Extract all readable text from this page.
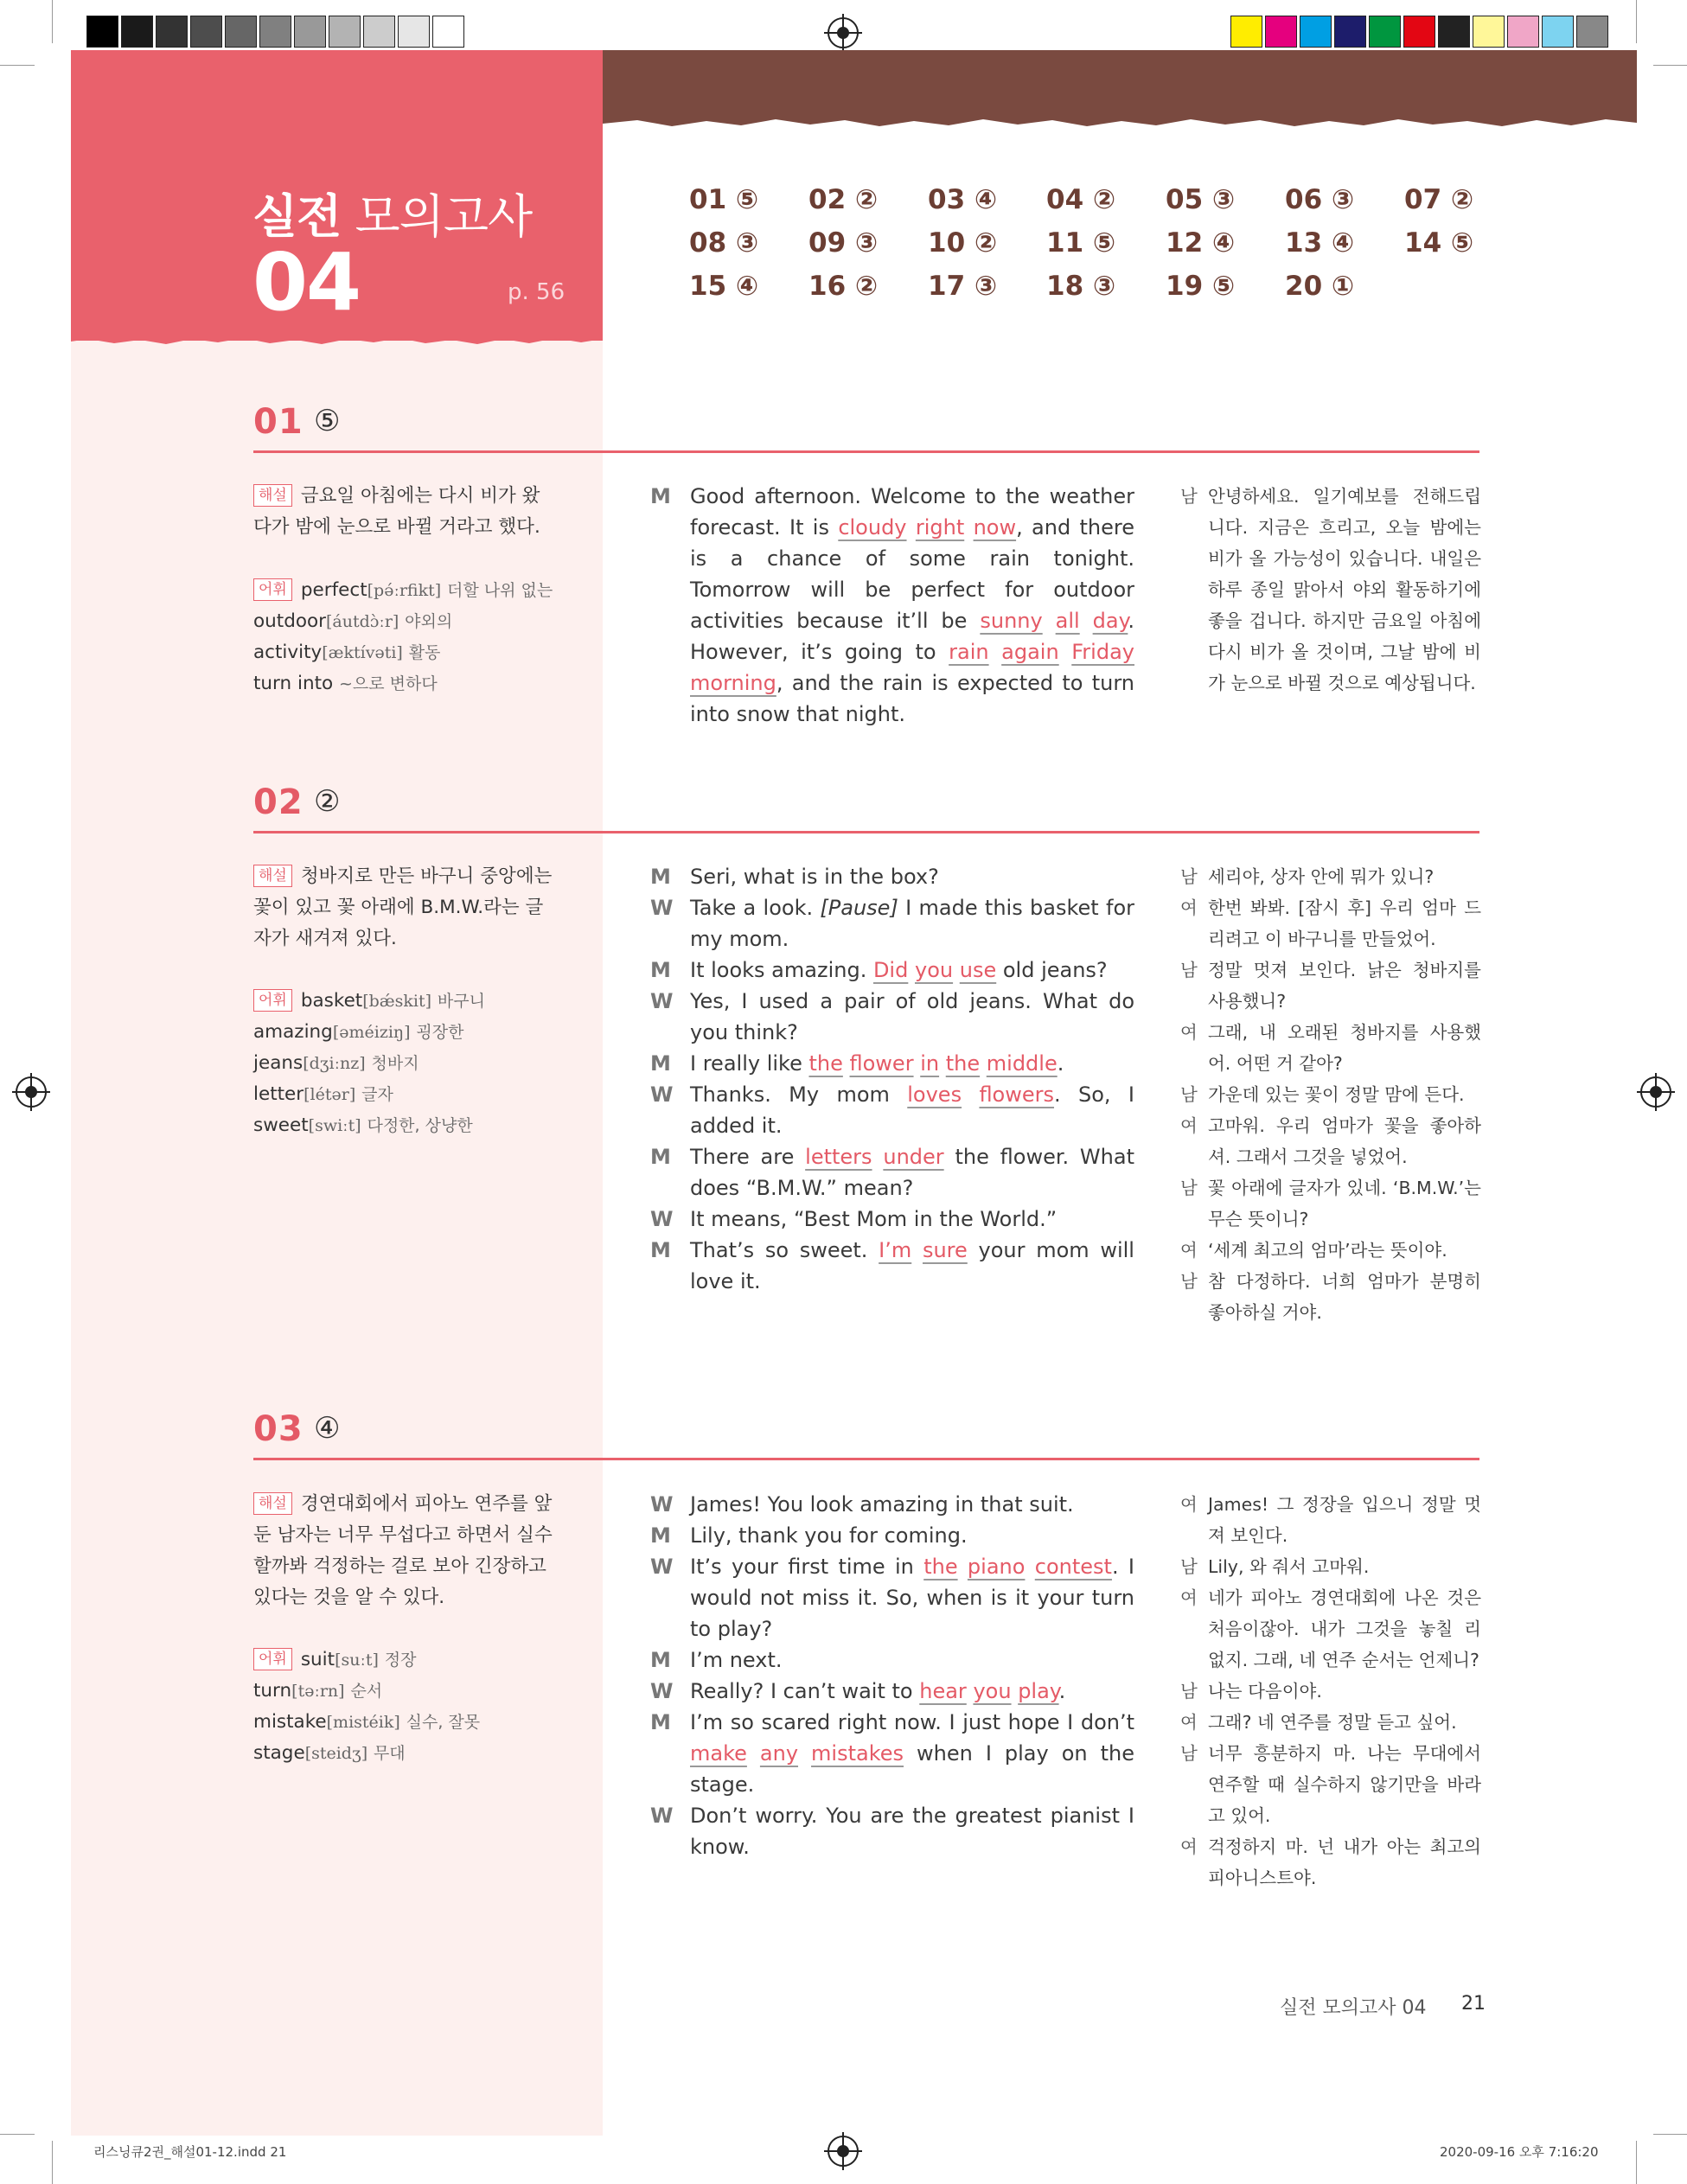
실전 모의고사
04	p. 56
01 ⑤ 02 ② 03 ④ 04 ② 05 ③ 06 ③ 07 ②
08 ③ 09 ③ 10 ② 11 ⑤ 12 ④ 13 ④ 14 ⑤
15 ④ 16 ② 17 ③ 18 ③ 19 ⑤ 20 ①
01 ⑤
해설 금요일 아침에는 다시 비가 왔다가 밤에 눈으로 바뀔 거라고 했다.
어휘 perfect[pə́ːrfikt] 더할 나위 없는
outdoor[áutdɔ̀ːr] 야외의
activity[æktívəti] 활동
turn into ~으로 변하다
M Good afternoon. Welcome to the weather forecast. It is cloudy right now, and there is a chance of some rain tonight. Tomorrow will be perfect for outdoor activities because it’ll be sunny all day. However, it’s going to rain again Friday morning, and the rain is expected to turn into snow that night.
남 안녕하세요. 일기예보를 전해드립니다. 지금은 흐리고, 오늘 밤에는 비가 올 가능성이 있습니다. 내일은 하루 종일 맑아서 야외 활동하기에 좋을 겁니다. 하지만 금요일 아침에 다시 비가 올 것이며, 그날 밤에 비가 눈으로 바뀔 것으로 예상됩니다.
02 ②
해설 청바지로 만든 바구니 중앙에는 꽃이 있고 꽃 아래에 B.M.W.라는 글자가 새겨져 있다.
어휘 basket[bǽskit] 바구니
amazing[əméiziŋ] 굉장한
jeans[dʒiːnz] 청바지
letter[létər] 글자
sweet[swiːt] 다정한, 상냥한
M Seri, what is in the box?
W Take a look. [Pause] I made this basket for my mom.
M It looks amazing. Did you use old jeans?
W Yes, I used a pair of old jeans. What do you think?
M I really like the flower in the middle.
W Thanks. My mom loves flowers. So, I added it.
M There are letters under the flower. What does “B.M.W.” mean?
W It means, “Best Mom in the World.”
M That’s so sweet. I’m sure your mom will love it.
남 세리야, 상자 안에 뭐가 있니?
여 한번 봐봐. [잠시 후] 우리 엄마 드리려고 이 바구니를 만들었어.
남 정말 멋져 보인다. 낡은 청바지를 사용했니?
여 그래, 내 오래된 청바지를 사용했어. 어떤 거 같아?
남 가운데 있는 꽃이 정말 맘에 든다.
여 고마워. 우리 엄마가 꽃을 좋아하셔. 그래서 그것을 넣었어.
남 꽃 아래에 글자가 있네. ‘B.M.W.’는 무슨 뜻이니?
여 ‘세계 최고의 엄마’라는 뜻이야.
남 참 다정하다. 너희 엄마가 분명히 좋아하실 거야.
03 ④
해설 경연대회에서 피아노 연주를 앞둔 남자는 너무 무섭다고 하면서 실수할까봐 걱정하는 걸로 보아 긴장하고 있다는 것을 알 수 있다.
어휘 suit[suːt] 정장
turn[təːrn] 순서
mistake[mistéik] 실수, 잘못
stage[steidʒ] 무대
W James! You look amazing in that suit.
M Lily, thank you for coming.
W It’s your first time in the piano contest. I would not miss it. So, when is it your turn to play?
M I’m next.
W Really? I can’t wait to hear you play.
M I’m so scared right now. I just hope I don’t make any mistakes when I play on the stage.
W Don’t worry. You are the greatest pianist I know.
여 James! 그 정장을 입으니 정말 멋져 보인다.
남 Lily, 와 줘서 고마워.
여 네가 피아노 경연대회에 나온 것은 처음이잖아. 내가 그것을 놓칠 리 없지. 그래, 네 연주 순서는 언제니?
남 나는 다음이야.
여 그래? 네 연주를 정말 듣고 싶어.
남 너무 흥분하지 마. 나는 무대에서 연주할 때 실수하지 않기만을 바라고 있어.
여 걱정하지 마. 넌 내가 아는 최고의 피아니스트야.
실전 모의고사 04 21
리스닝큐2권_해설01-12.indd 21	2020-09-16 오후 7:16:20
